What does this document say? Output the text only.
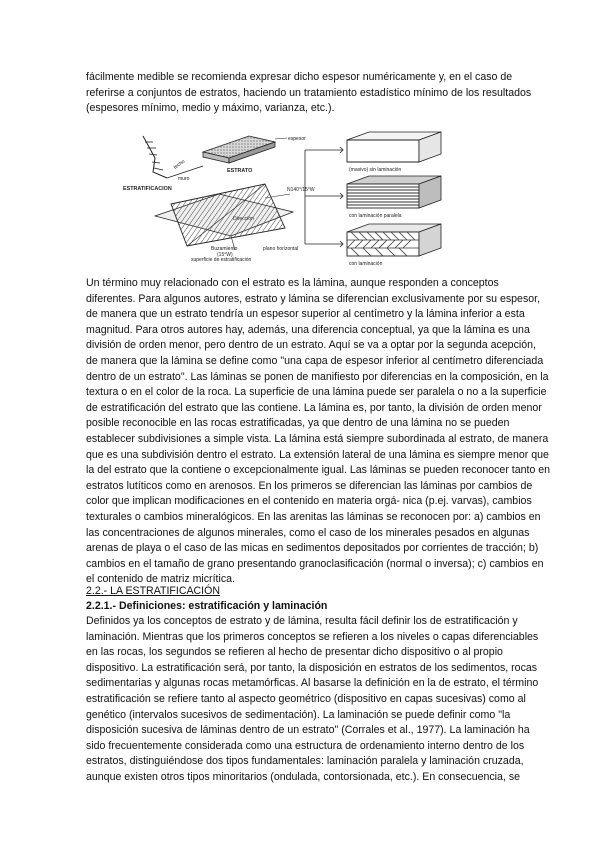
fácilmente medible se recomienda expresar dicho espesor numéricamente y, en el caso de
referirse a conjuntos de estratos, haciendo un tratamiento estadístico mínimo de los resultados
(espesores mínimo, medio y máximo, varianza, etc.).
techo
muro
espesor
ESTRATO
ESTRATIFICACION	N140°/15°W
Dirección
Buzamiento
(15°W)
superficie de estratificación
plano horizontal
(masivo) sin laminación
con laminación paralela
con laminación
Un término muy relacionado con el estrato es la lámina, aunque responden a conceptos
diferentes. Para algunos autores, estrato y lámina se diferencian exclusivamente por su espesor,
de manera que un estrato tendría un espesor superior al centímetro y la lámina inferior a esta
magnitud. Para otros autores hay, además, una diferencia conceptual, ya que la lámina es una
división de orden menor, pero dentro de un estrato. Aquí se va a optar por la segunda acepción,
de manera que la lámina se define como "una capa de espesor inferior al centímetro diferenciada
dentro de un estrato". Las láminas se ponen de manifiesto por diferencias en la composición, en la
textura o en el color de la roca. La superficie de una lámina puede ser paralela o no a la superficie
de estratificación del estrato que las contiene. La lámina es, por tanto, la división de orden menor
posible reconocible en las rocas estratificadas, ya que dentro de una lámina no se pueden
establecer subdivisiones a simple vista. La lámina está siempre subordinada al estrato, de manera
que es una subdivisión dentro el estrato. La extensión lateral de una lámina es siempre menor que
la del estrato que la contiene o excepcionalmente igual. Las láminas se pueden reconocer tanto en
estratos lutíticos como en arenosos. En los primeros se diferencian las láminas por cambios de
color que implican modificaciones en el contenido en materia orgá- nica (p.ej. varvas), cambios
texturales o cambios mineralógicos. En las arenitas las láminas se reconocen por: a) cambios en
las concentraciones de algunos minerales, como el caso de los minerales pesados en algunas
arenas de playa o el caso de las micas en sedimentos depositados por corrientes de tracción; b)
cambios en el tamaño de grano presentando granoclasificación (normal o inversa); c) cambios en
el contenido de matriz micrítica.
2.2.- LA ESTRATIFICACIÓN
2.2.1.- Definiciones: estratificación y laminación
Definidos ya los conceptos de estrato y de lámina, resulta fácil definir los de estratificación y
laminación. Mientras que los primeros conceptos se refieren a los niveles o capas diferenciables
en las rocas, los segundos se refieren al hecho de presentar dicho dispositivo o al propio
dispositivo. La estratificación será, por tanto, la disposición en estratos de los sedimentos, rocas
sedimentarias y algunas rocas metamórficas. Al basarse la definición en la de estrato, el término
estratificación se refiere tanto al aspecto geométrico (dispositivo en capas sucesivas) como al
genético (intervalos sucesivos de sedimentación). La laminación se puede definir como "la
disposición sucesiva de láminas dentro de un estrato" (Corrales et al., 1977). La laminación ha
sido frecuentemente considerada como una estructura de ordenamiento interno dentro de los
estratos, distinguiéndose dos tipos fundamentales: laminación paralela y laminación cruzada,
aunque existen otros tipos minoritarios (ondulada, contorsionada, etc.). En consecuencia, se
